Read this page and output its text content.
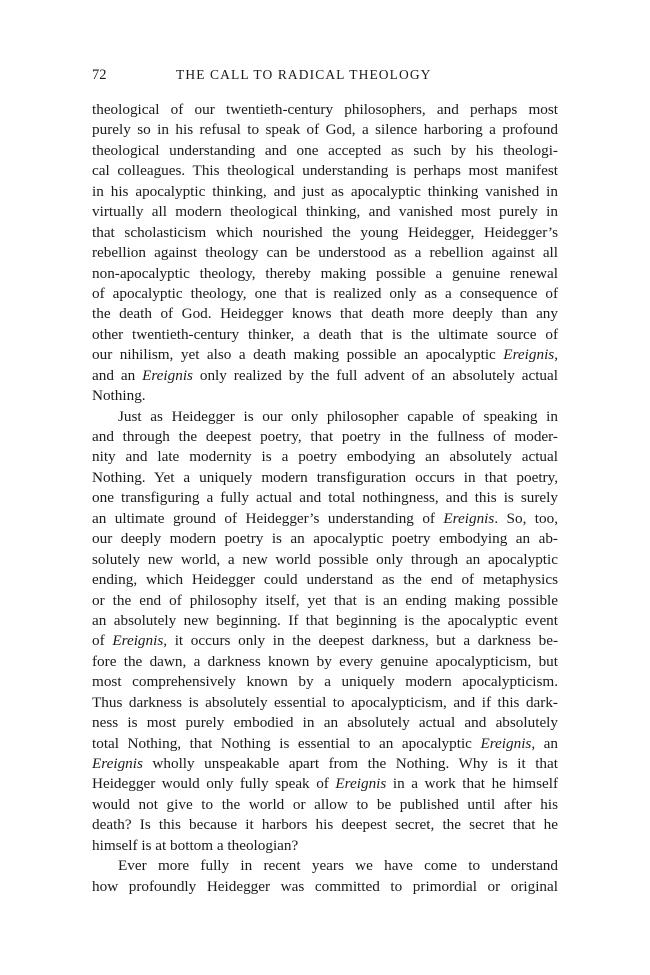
72	THE CALL TO RADICAL THEOLOGY
theological of our twentieth-century philosophers, and perhaps most
purely so in his refusal to speak of God, a silence harboring a profound
theological understanding and one accepted as such by his theologi-
cal colleagues. This theological understanding is perhaps most manifest
in his apocalyptic thinking, and just as apocalyptic thinking vanished in
virtually all modern theological thinking, and vanished most purely in
that scholasticism which nourished the young Heidegger, Heidegger’s
rebellion against theology can be understood as a rebellion against all
non-apocalyptic theology, thereby making possible a genuine renewal
of apocalyptic theology, one that is realized only as a consequence of
the death of God. Heidegger knows that death more deeply than any
other twentieth-century thinker, a death that is the ultimate source of
our nihilism, yet also a death making possible an apocalyptic Ereignis,
and an Ereignis only realized by the full advent of an absolutely actual
Nothing.
Just as Heidegger is our only philosopher capable of speaking in
and through the deepest poetry, that poetry in the fullness of moder-
nity and late modernity is a poetry embodying an absolutely actual
Nothing. Yet a uniquely modern transfiguration occurs in that poetry,
one transfiguring a fully actual and total nothingness, and this is surely
an ultimate ground of Heidegger’s understanding of Ereignis. So, too,
our deeply modern poetry is an apocalyptic poetry embodying an ab-
solutely new world, a new world possible only through an apocalyptic
ending, which Heidegger could understand as the end of metaphysics
or the end of philosophy itself, yet that is an ending making possible
an absolutely new beginning. If that beginning is the apocalyptic event
of Ereignis, it occurs only in the deepest darkness, but a darkness be-
fore the dawn, a darkness known by every genuine apocalypticism, but
most comprehensively known by a uniquely modern apocalypticism.
Thus darkness is absolutely essential to apocalypticism, and if this dark-
ness is most purely embodied in an absolutely actual and absolutely
total Nothing, that Nothing is essential to an apocalyptic Ereignis, an
Ereignis wholly unspeakable apart from the Nothing. Why is it that
Heidegger would only fully speak of Ereignis in a work that he himself
would not give to the world or allow to be published until after his
death? Is this because it harbors his deepest secret, the secret that he
himself is at bottom a theologian?
Ever more fully in recent years we have come to understand
how profoundly Heidegger was committed to primordial or original
